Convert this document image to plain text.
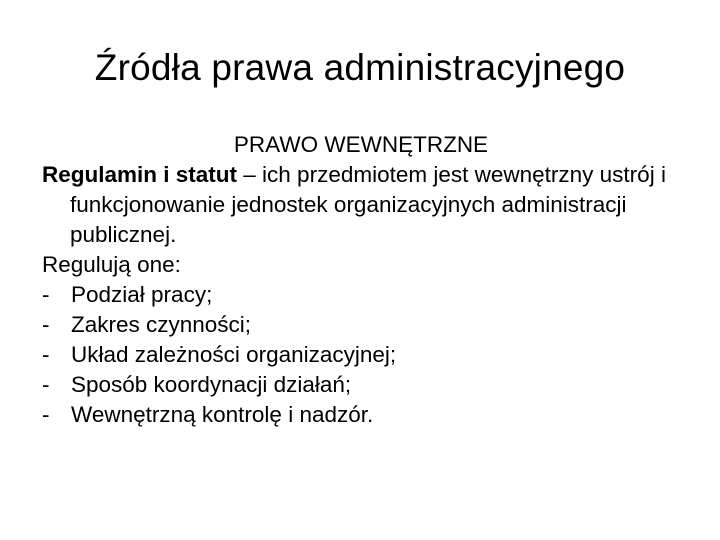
Źródła prawa administracyjnego
PRAWO WEWNĘTRZNE
Regulamin i statut – ich przedmiotem jest wewnętrzny ustrój i funkcjonowanie jednostek organizacyjnych administracji publicznej.
Regulują one:
- Podział pracy;
- Zakres czynności;
- Układ zależności organizacyjnej;
- Sposób koordynacji działań;
- Wewnętrzną kontrolę i nadzór.
